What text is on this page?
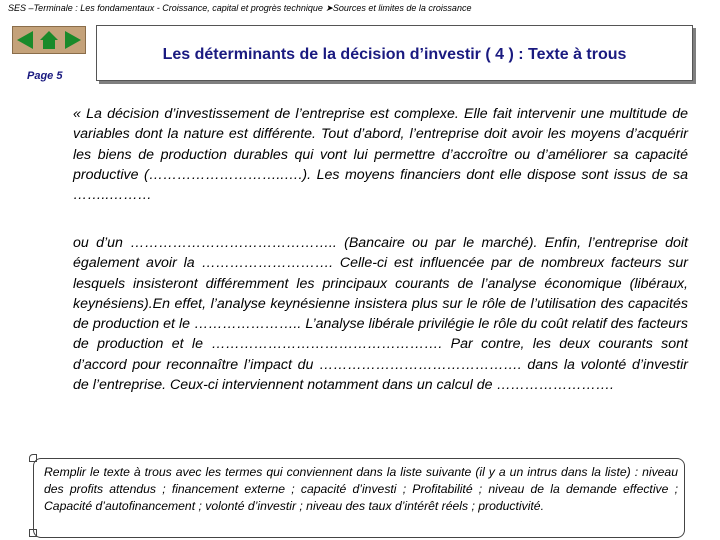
SES –Terminale : Les fondamentaux - Croissance, capital et progrès technique ➤Sources et limites de la croissance
Page 5
Les déterminants de la décision d’investir ( 4 ) : Texte à trous

« La décision d’investissement de l’entreprise est complexe. Elle fait intervenir une multitude de variables dont la nature est différente. Tout d’abord, l’entreprise doit avoir les moyens d’acquérir les biens de production durables qui vont lui permettre d’accroître ou d’améliorer sa capacité productive (………………………..….). Les moyens financiers dont elle dispose sont issus de sa ……..………

ou d’un …………………………………….. (Bancaire ou par le marché). Enfin, l’entreprise doit également avoir la ………………………. Celle-ci est influencée par de nombreux facteurs sur lesquels insisteront différemment les principaux courants de l’analyse économique (libéraux, keynésiens).En effet, l’analyse keynésienne insistera plus sur le rôle de l’utilisation des capacités de production et le ………………….. L’analyse libérale privilégie le rôle du coût relatif des facteurs de production et le …………………………………………. Par contre, les deux courants sont d’accord pour reconnaître l’impact du ……………………………………. dans la volonté d’investir de l’entreprise. Ceux-ci interviennent notamment dans un calcul de …………………….

Remplir le texte à trous avec les termes qui conviennent dans la liste suivante (il y a un intrus dans la liste) : niveau des profits attendus ; financement externe ; capacité d’investi ; Profitabilité ; niveau de la demande effective ; Capacité d’autofinancement ; volonté d’investir ; niveau des taux d’intérêt réels ; productivité.
